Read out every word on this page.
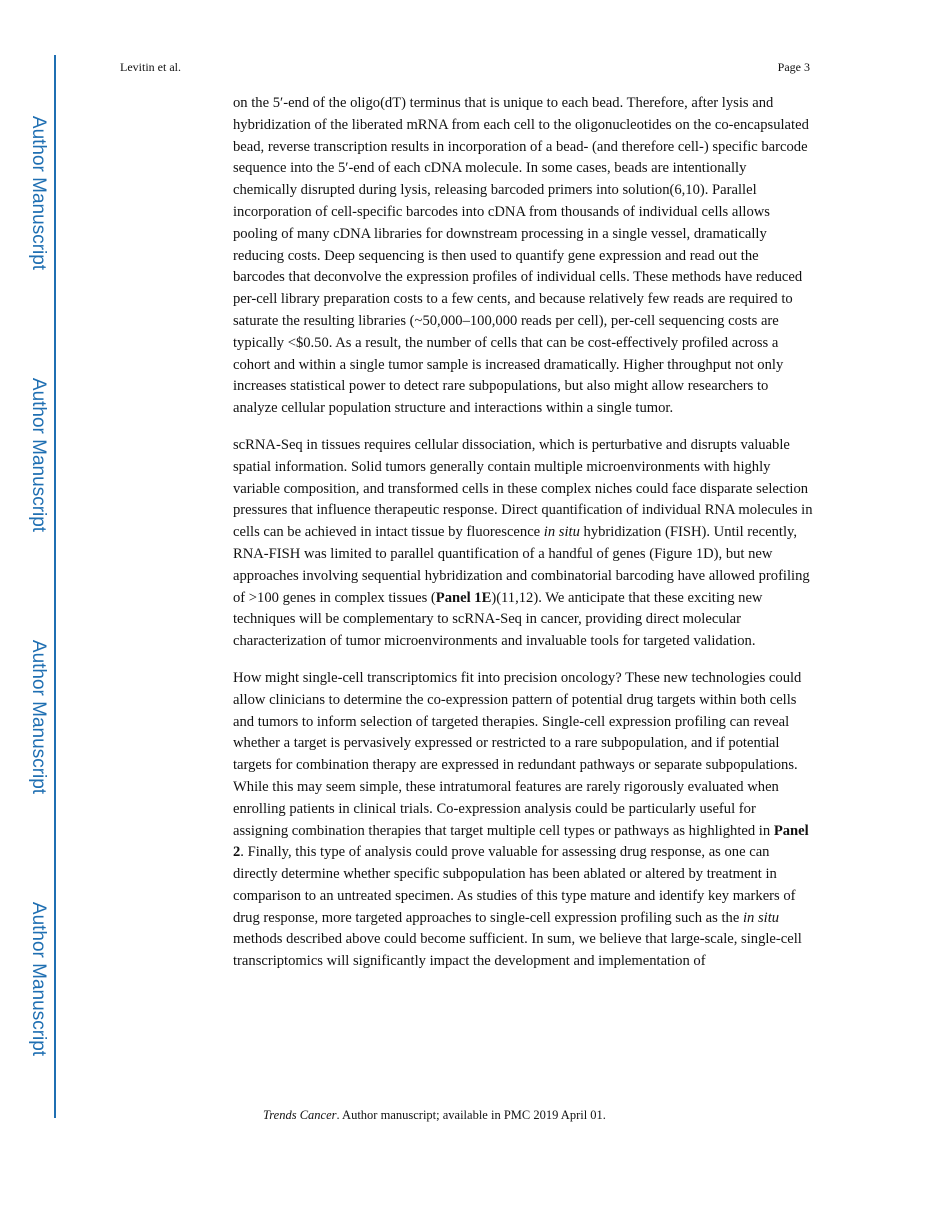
Author Manuscript
Author Manuscript
Author Manuscript
Author Manuscript
Levitin et al.	Page 3

on the 5′-end of the oligo(dT) terminus that is unique to each bead. Therefore, after lysis and hybridization of the liberated mRNA from each cell to the oligonucleotides on the co-encapsulated bead, reverse transcription results in incorporation of a bead- (and therefore cell-) specific barcode sequence into the 5′-end of each cDNA molecule. In some cases, beads are intentionally chemically disrupted during lysis, releasing barcoded primers into solution(6,10). Parallel incorporation of cell-specific barcodes into cDNA from thousands of individual cells allows pooling of many cDNA libraries for downstream processing in a single vessel, dramatically reducing costs. Deep sequencing is then used to quantify gene expression and read out the barcodes that deconvolve the expression profiles of individual cells. These methods have reduced per-cell library preparation costs to a few cents, and because relatively few reads are required to saturate the resulting libraries (~50,000–100,000 reads per cell), per-cell sequencing costs are typically <$0.50. As a result, the number of cells that can be cost-effectively profiled across a cohort and within a single tumor sample is increased dramatically. Higher throughput not only increases statistical power to detect rare subpopulations, but also might allow researchers to analyze cellular population structure and interactions within a single tumor.

scRNA-Seq in tissues requires cellular dissociation, which is perturbative and disrupts valuable spatial information. Solid tumors generally contain multiple microenvironments with highly variable composition, and transformed cells in these complex niches could face disparate selection pressures that influence therapeutic response. Direct quantification of individual RNA molecules in cells can be achieved in intact tissue by fluorescence in situ hybridization (FISH). Until recently, RNA-FISH was limited to parallel quantification of a handful of genes (Figure 1D), but new approaches involving sequential hybridization and combinatorial barcoding have allowed profiling of >100 genes in complex tissues (Panel 1E)(11,12). We anticipate that these exciting new techniques will be complementary to scRNA-Seq in cancer, providing direct molecular characterization of tumor microenvironments and invaluable tools for targeted validation.

How might single-cell transcriptomics fit into precision oncology? These new technologies could allow clinicians to determine the co-expression pattern of potential drug targets within both cells and tumors to inform selection of targeted therapies. Single-cell expression profiling can reveal whether a target is pervasively expressed or restricted to a rare subpopulation, and if potential targets for combination therapy are expressed in redundant pathways or separate subpopulations. While this may seem simple, these intratumoral features are rarely rigorously evaluated when enrolling patients in clinical trials. Co-expression analysis could be particularly useful for assigning combination therapies that target multiple cell types or pathways as highlighted in Panel 2. Finally, this type of analysis could prove valuable for assessing drug response, as one can directly determine whether specific subpopulation has been ablated or altered by treatment in comparison to an untreated specimen. As studies of this type mature and identify key markers of drug response, more targeted approaches to single-cell expression profiling such as the in situ methods described above could become sufficient. In sum, we believe that large-scale, single-cell transcriptomics will significantly impact the development and implementation of

Trends Cancer. Author manuscript; available in PMC 2019 April 01.
